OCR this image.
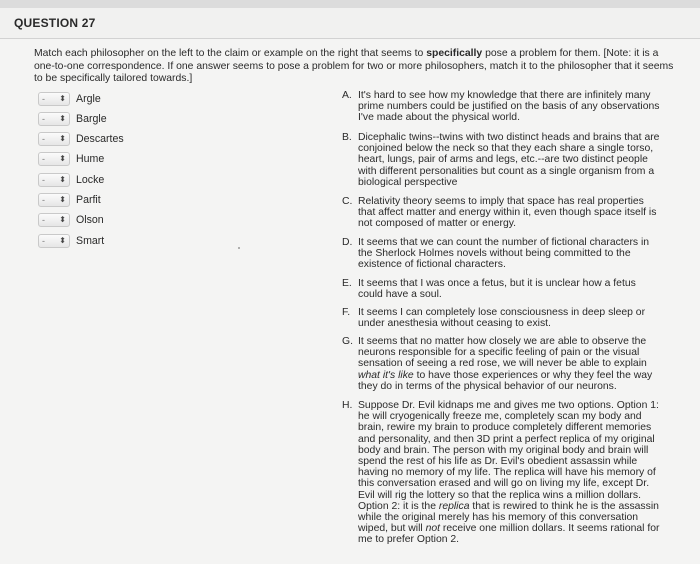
QUESTION 27
Match each philosopher on the left to the claim or example on the right that seems to specifically pose a problem for them. [Note: it is a one-to-one correspondence. If one answer seems to pose a problem for two or more philosophers, match it to the philosopher that it seems to be specifically tailored towards.]
- ⬍ Argle
- ⬍ Bargle
- ⬍ Descartes
- ⬍ Hume
- ⬍ Locke
- ⬍ Parfit
- ⬍ Olson
- ⬍ Smart
A. It's hard to see how my knowledge that there are infinitely many prime numbers could be justified on the basis of any observations I've made about the physical world.
B. Dicephalic twins--twins with two distinct heads and brains that are conjoined below the neck so that they each share a single torso, heart, lungs, pair of arms and legs, etc.--are two distinct people with different personalities but count as a single organism from a biological perspective
C. Relativity theory seems to imply that space has real properties that affect matter and energy within it, even though space itself is not composed of matter or energy.
D. It seems that we can count the number of fictional characters in the Sherlock Holmes novels without being committed to the existence of fictional characters.
E. It seems that I was once a fetus, but it is unclear how a fetus could have a soul.
F. It seems I can completely lose consciousness in deep sleep or under anesthesia without ceasing to exist.
G. It seems that no matter how closely we are able to observe the neurons responsible for a specific feeling of pain or the visual sensation of seeing a red rose, we will never be able to explain what it's like to have those experiences or why they feel the way they do in terms of the physical behavior of our neurons.
H. Suppose Dr. Evil kidnaps me and gives me two options. Option 1: he will cryogenically freeze me, completely scan my body and brain, rewire my brain to produce completely different memories and personality, and then 3D print a perfect replica of my original body and brain. The person with my original body and brain will spend the rest of his life as Dr. Evil's obedient assassin while having no memory of my life. The replica will have his memory of this conversation erased and will go on living my life, except Dr. Evil will rig the lottery so that the replica wins a million dollars. Option 2: it is the replica that is rewired to think he is the assassin while the original merely has his memory of this conversation wiped, but will not receive one million dollars. It seems rational for me to prefer Option 2.
